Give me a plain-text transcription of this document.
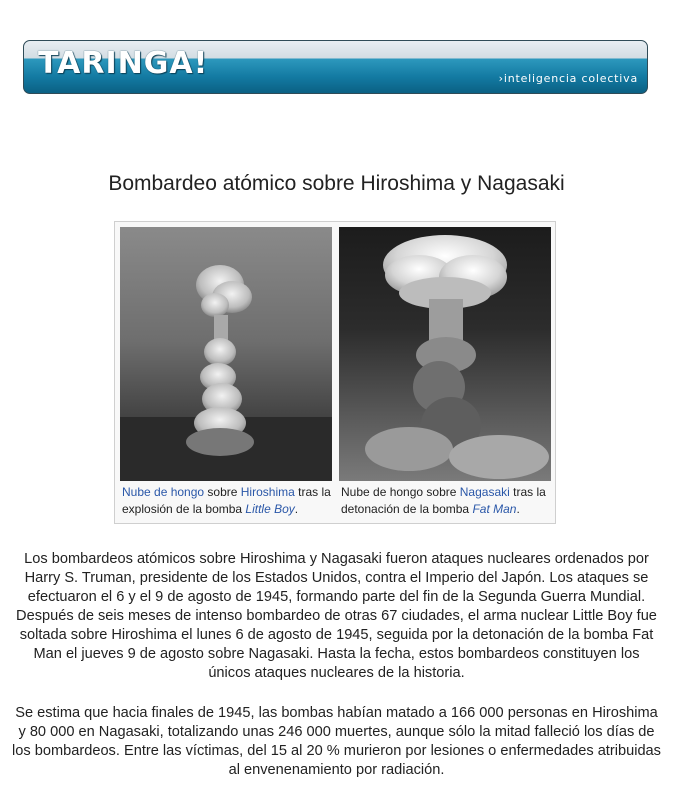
TARINGA!	›inteligencia colectiva
Bombardeo atómico sobre Hiroshima y Nagasaki
Nube de hongo sobre Hiroshima tras la explosión de la bomba Little Boy.
Nube de hongo sobre Nagasaki tras la detonación de la bomba Fat Man.
Los bombardeos atómicos sobre Hiroshima y Nagasaki fueron ataques nucleares ordenados por Harry S. Truman, presidente de los Estados Unidos, contra el Imperio del Japón. Los ataques se efectuaron el 6 y el 9 de agosto de 1945, formando parte del fin de la Segunda Guerra Mundial. Después de seis meses de intenso bombardeo de otras 67 ciudades, el arma nuclear Little Boy fue soltada sobre Hiroshima el lunes 6 de agosto de 1945, seguida por la detonación de la bomba Fat Man el jueves 9 de agosto sobre Nagasaki. Hasta la fecha, estos bombardeos constituyen los únicos ataques nucleares de la historia.
Se estima que hacia finales de 1945, las bombas habían matado a 166 000 personas en Hiroshima y 80 000 en Nagasaki, totalizando unas 246 000 muertes, aunque sólo la mitad falleció los días de los bombardeos. Entre las víctimas, del 15 al 20 % murieron por lesiones o enfermedades atribuidas al envenenamiento por radiación.
